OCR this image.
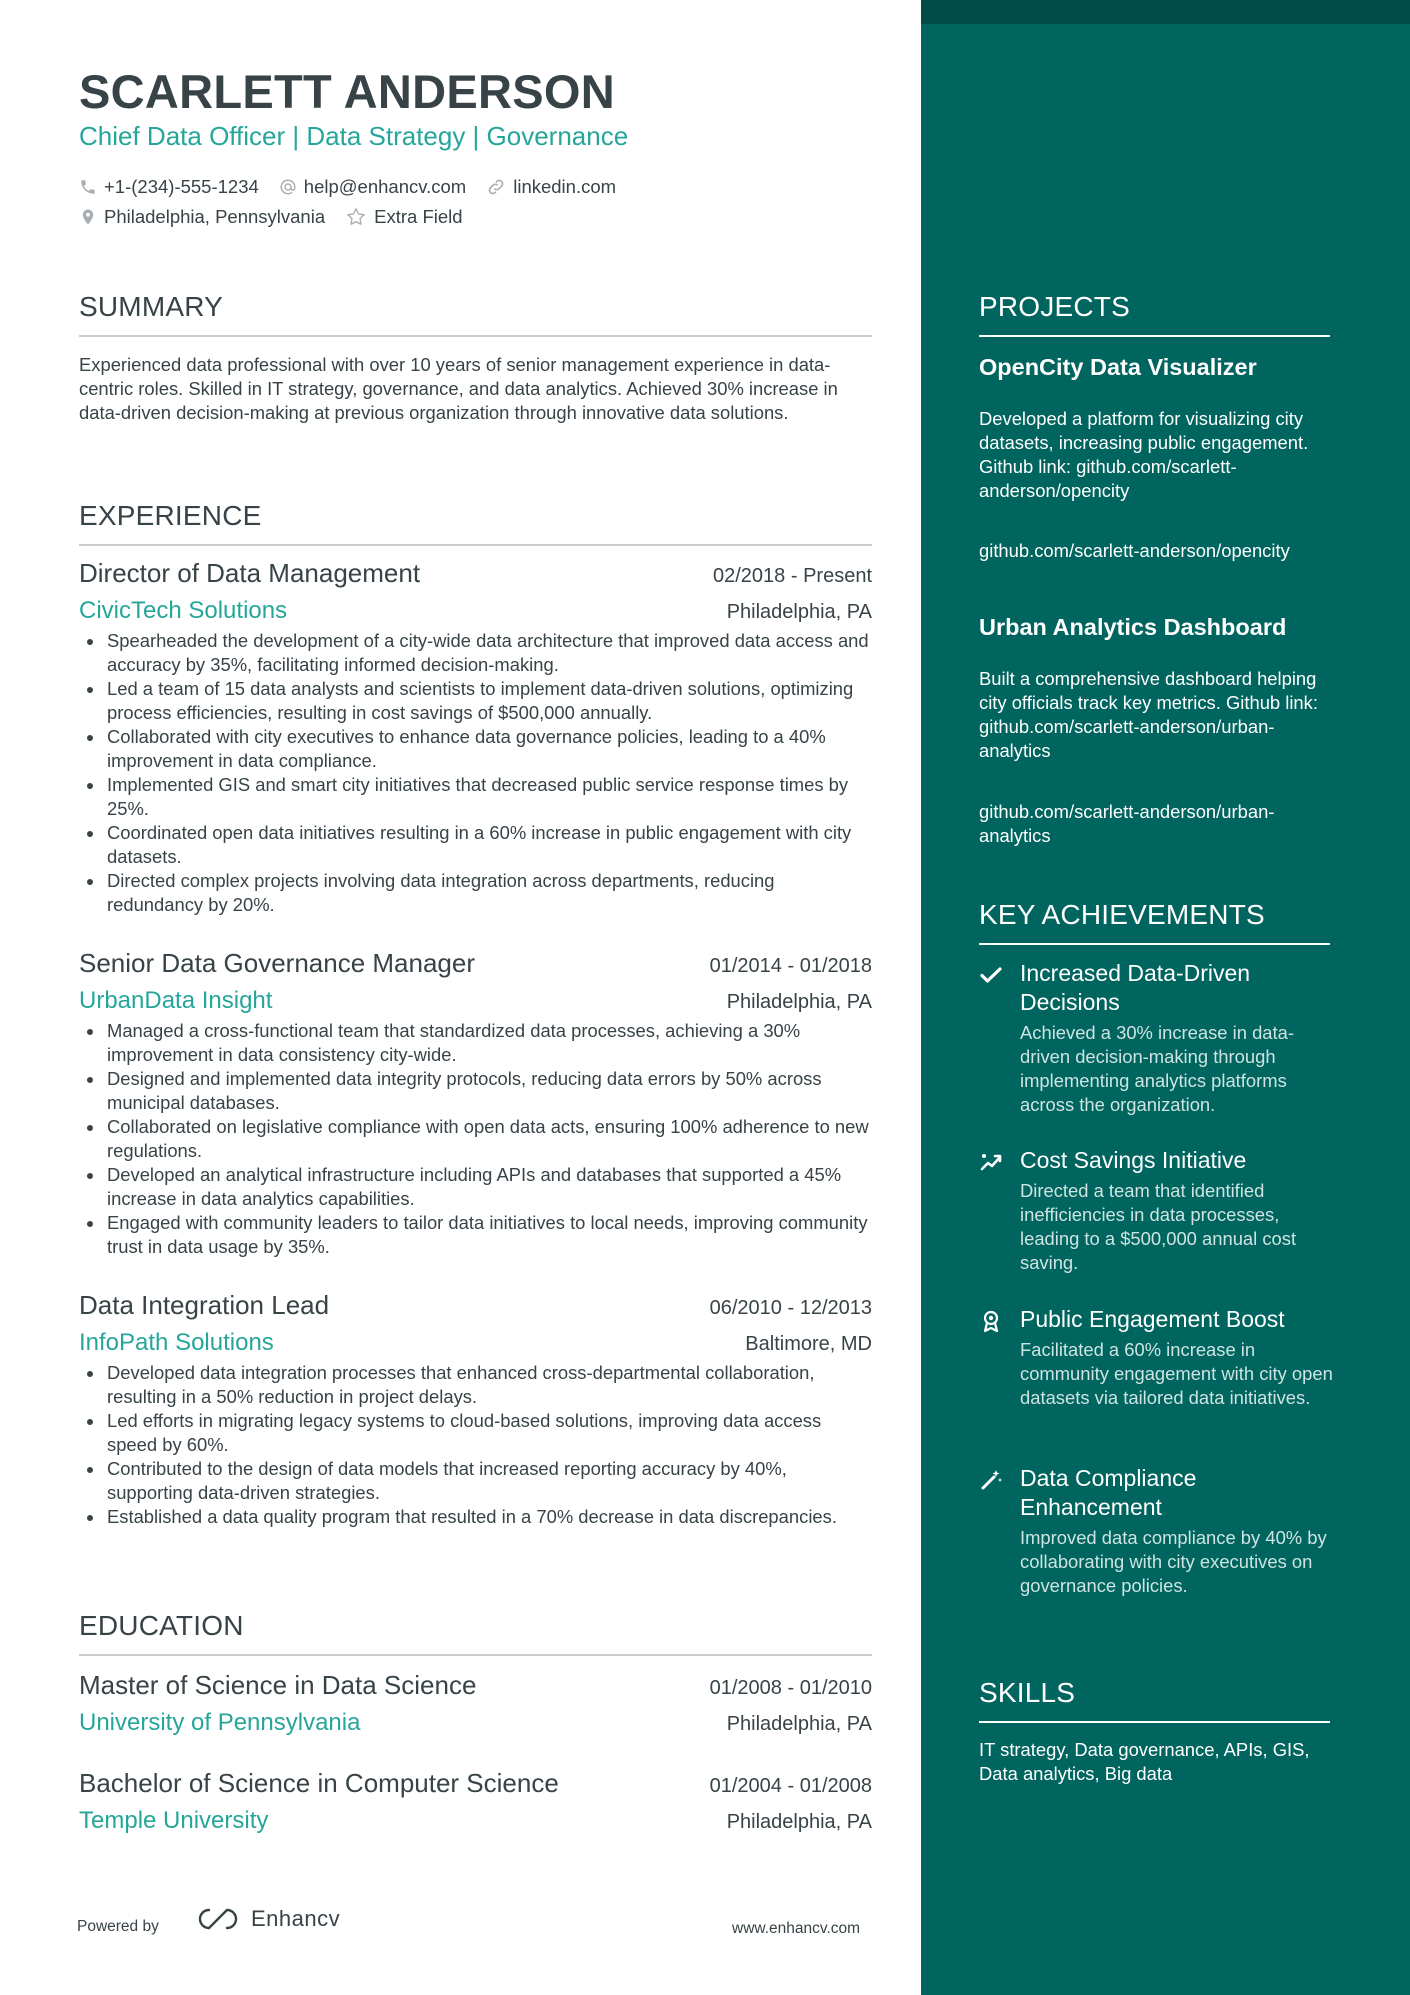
SCARLETT ANDERSON
Chief Data Officer | Data Strategy | Governance
+1-(234)-555-1234 help@enhancv.com	linkedin.com
Philadelphia, Pennsylvania	Extra Field
SUMMARY
Experienced data professional with over 10 years of senior management experience in data-centric roles. Skilled in IT strategy, governance, and data analytics. Achieved 30% increase in data-driven decision-making at previous organization through innovative data solutions.
EXPERIENCE
Director of Data Management	02/2018 - Present
CivicTech Solutions	Philadelphia, PA
Spearheaded the development of a city-wide data architecture that improved data access and accuracy by 35%, facilitating informed decision-making.
Led a team of 15 data analysts and scientists to implement data-driven solutions, optimizing process efficiencies, resulting in cost savings of $500,000 annually.
Collaborated with city executives to enhance data governance policies, leading to a 40% improvement in data compliance.
Implemented GIS and smart city initiatives that decreased public service response times by 25%.
Coordinated open data initiatives resulting in a 60% increase in public engagement with city datasets.
Directed complex projects involving data integration across departments, reducing redundancy by 20%.
Senior Data Governance Manager	01/2014 - 01/2018
UrbanData Insight	Philadelphia, PA
Managed a cross-functional team that standardized data processes, achieving a 30% improvement in data consistency city-wide.
Designed and implemented data integrity protocols, reducing data errors by 50% across municipal databases.
Collaborated on legislative compliance with open data acts, ensuring 100% adherence to new regulations.
Developed an analytical infrastructure including APIs and databases that supported a 45% increase in data analytics capabilities.
Engaged with community leaders to tailor data initiatives to local needs, improving community trust in data usage by 35%.
Data Integration Lead	06/2010 - 12/2013
InfoPath Solutions	Baltimore, MD
Developed data integration processes that enhanced cross-departmental collaboration, resulting in a 50% reduction in project delays.
Led efforts in migrating legacy systems to cloud-based solutions, improving data access speed by 60%.
Contributed to the design of data models that increased reporting accuracy by 40%, supporting data-driven strategies.
Established a data quality program that resulted in a 70% decrease in data discrepancies.
EDUCATION
Master of Science in Data Science	01/2008 - 01/2010
University of Pennsylvania	Philadelphia, PA
Bachelor of Science in Computer Science	01/2004 - 01/2008
Temple University	Philadelphia, PA
PROJECTS
OpenCity Data Visualizer
Developed a platform for visualizing city datasets, increasing public engagement. Github link: github.com/scarlett-anderson/opencity
github.com/scarlett-anderson/opencity
Urban Analytics Dashboard
Built a comprehensive dashboard helping city officials track key metrics. Github link: github.com/scarlett-anderson/urban-analytics
github.com/scarlett-anderson/urban-analytics
KEY ACHIEVEMENTS
Increased Data-Driven Decisions
Achieved a 30% increase in data-driven decision-making through implementing analytics platforms across the organization.
Cost Savings Initiative
Directed a team that identified inefficiencies in data processes, leading to a $500,000 annual cost saving.
Public Engagement Boost
Facilitated a 60% increase in community engagement with city open datasets via tailored data initiatives.
Data Compliance Enhancement
Improved data compliance by 40% by collaborating with city executives on governance policies.
SKILLS
IT strategy, Data governance, APIs, GIS, Data analytics, Big data
Powered by	Enhancv	www.enhancv.com
